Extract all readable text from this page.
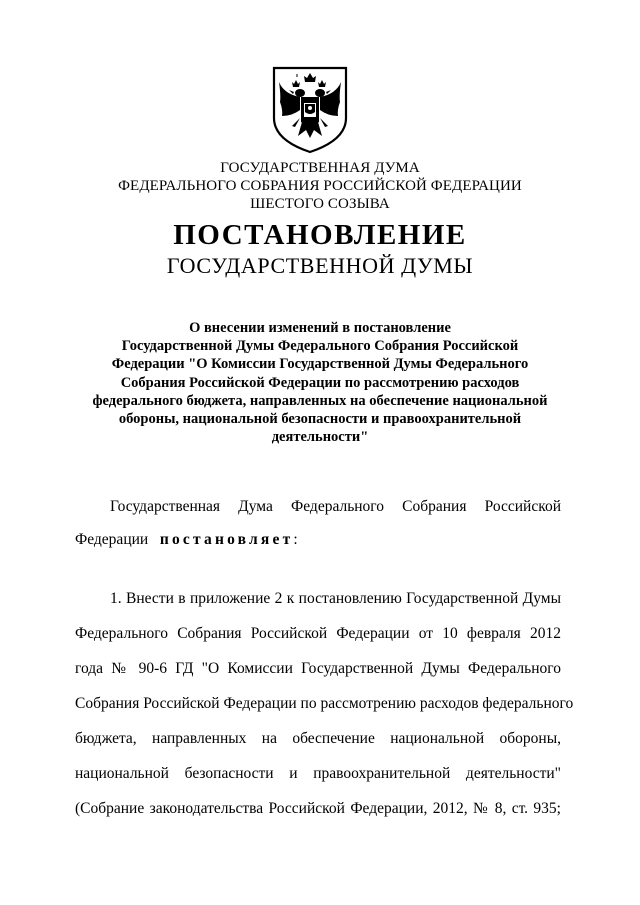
ГОСУДАРСТВЕННАЯ ДУМА
ФЕДЕРАЛЬНОГО СОБРАНИЯ РОССИЙСКОЙ ФЕДЕРАЦИИ
ШЕСТОГО СОЗЫВА
ПОСТАНОВЛЕНИЕ
ГОСУДАРСТВЕННОЙ ДУМЫ
О внесении изменений в постановление
Государственной Думы Федерального Собрания Российской
Федерации "О Комиссии Государственной Думы Федерального
Собрания Российской Федерации по рассмотрению расходов
федерального бюджета, направленных на обеспечение национальной
обороны, национальной безопасности и правоохранительной
деятельности"
Государственная Дума Федерального Собрания Российской
Федерации постановляет:
1. Внести в приложение 2 к постановлению Государственной Думы
Федерального Собрания Российской Федерации от 10 февраля 2012
года № 90-6 ГД "О Комиссии Государственной Думы Федерального
Собрания Российской Федерации по рассмотрению расходов федерального
бюджета, направленных на обеспечение национальной обороны,
национальной безопасности и правоохранительной деятельности"
(Собрание законодательства Российской Федерации, 2012, № 8, ст. 935;
